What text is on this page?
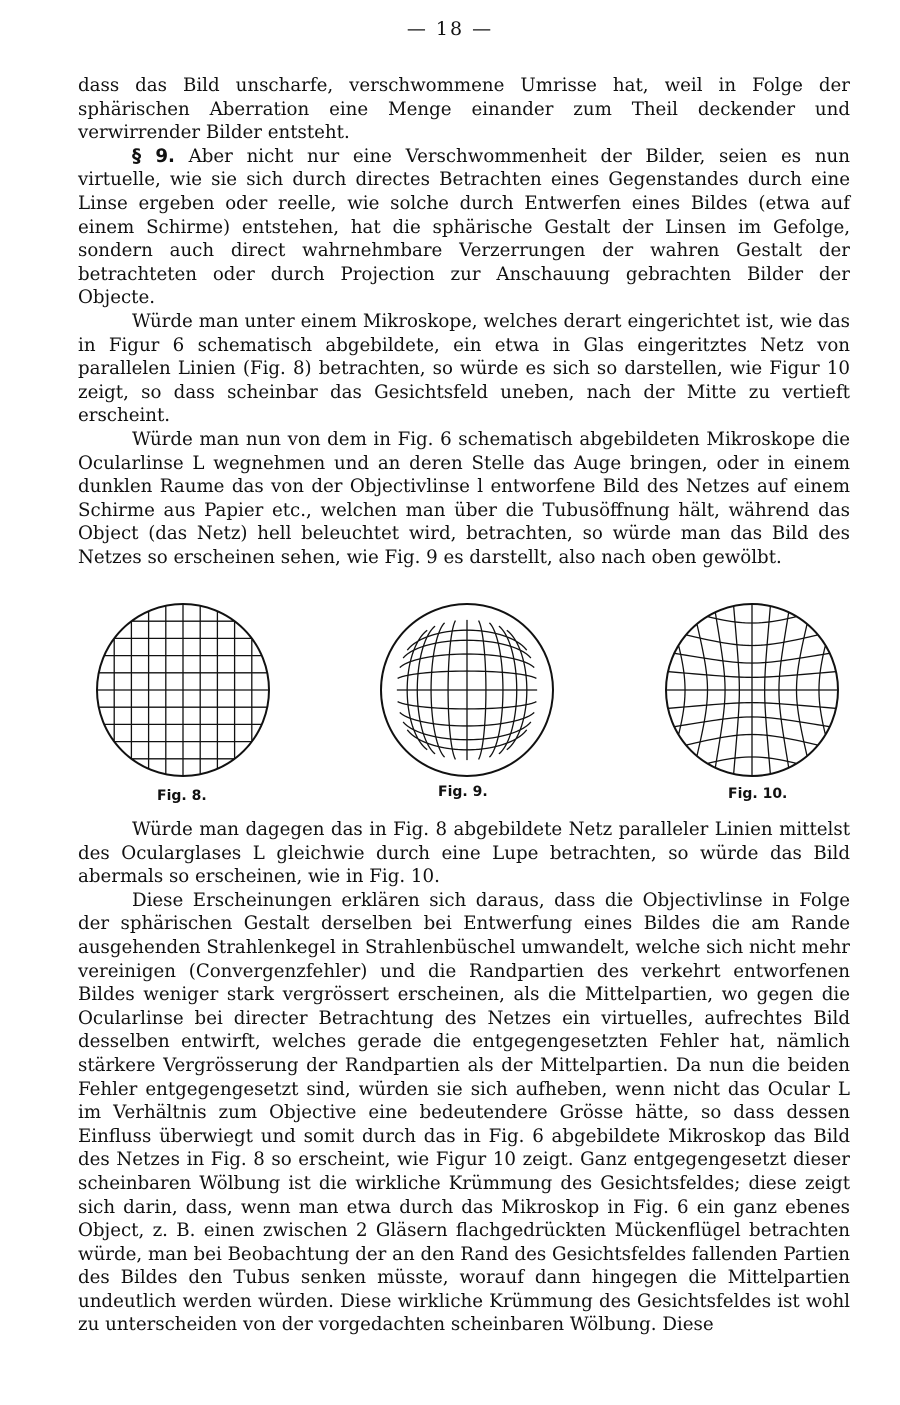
— 18 —

dass das Bild unscharfe, verschwommene Umrisse hat, weil in Folge der sphärischen Aberration eine Menge einander zum Theil deckender und verwirrender Bilder entsteht.

§ 9. Aber nicht nur eine Verschwommenheit der Bilder, seien es nun virtuelle, wie sie sich durch directes Betrachten eines Gegenstandes durch eine Linse ergeben oder reelle, wie solche durch Entwerfen eines Bildes (etwa auf einem Schirme) entstehen, hat die sphärische Gestalt der Linsen im Gefolge, sondern auch direct wahrnehmbare Verzerrungen der wahren Gestalt der betrachteten oder durch Projection zur Anschauung gebrachten Bilder der Objecte.

Würde man unter einem Mikroskope, welches derart eingerichtet ist, wie das in Figur 6 schematisch abgebildete, ein etwa in Glas eingeritztes Netz von parallelen Linien (Fig. 8) betrachten, so würde es sich so darstellen, wie Figur 10 zeigt, so dass scheinbar das Gesichtsfeld uneben, nach der Mitte zu vertieft erscheint.

Würde man nun von dem in Fig. 6 schematisch abgebildeten Mikroskope die Ocularlinse L wegnehmen und an deren Stelle das Auge bringen, oder in einem dunklen Raume das von der Objectivlinse l entworfene Bild des Netzes auf einem Schirme aus Papier etc., welchen man über die Tubusöffnung hält, während das Object (das Netz) hell beleuchtet wird, betrachten, so würde man das Bild des Netzes so erscheinen sehen, wie Fig. 9 es darstellt, also nach oben gewölbt.

Fig. 8.	Fig. 9.	Fig. 10.

Würde man dagegen das in Fig. 8 abgebildete Netz paralleler Linien mittelst des Ocularglases L gleichwie durch eine Lupe betrachten, so würde das Bild abermals so erscheinen, wie in Fig. 10.

Diese Erscheinungen erklären sich daraus, dass die Objectivlinse in Folge der sphärischen Gestalt derselben bei Entwerfung eines Bildes die am Rande ausgehenden Strahlenkegel in Strahlenbüschel umwandelt, welche sich nicht mehr vereinigen (Convergenzfehler) und die Randpartien des verkehrt entworfenen Bildes weniger stark vergrössert erscheinen, als die Mittelpartien, wo gegen die Ocularlinse bei directer Betrachtung des Netzes ein virtuelles, aufrechtes Bild desselben entwirft, welches gerade die entgegengesetzten Fehler hat, nämlich stärkere Vergrösserung der Randpartien als der Mittelpartien. Da nun die beiden Fehler entgegengesetzt sind, würden sie sich aufheben, wenn nicht das Ocular L im Verhältnis zum Objective eine bedeutendere Grösse hätte, so dass dessen Einfluss überwiegt und somit durch das in Fig. 6 abgebildete Mikroskop das Bild des Netzes in Fig. 8 so erscheint, wie Figur 10 zeigt. Ganz entgegengesetzt dieser scheinbaren Wölbung ist die wirkliche Krümmung des Gesichtsfeldes; diese zeigt sich darin, dass, wenn man etwa durch das Mikroskop in Fig. 6 ein ganz ebenes Object, z. B. einen zwischen 2 Gläsern flachgedrückten Mückenflügel betrachten würde, man bei Beobachtung der an den Rand des Gesichtsfeldes fallenden Partien des Bildes den Tubus senken müsste, worauf dann hingegen die Mittelpartien undeutlich werden würden. Diese wirkliche Krümmung des Gesichtsfeldes ist wohl zu unterscheiden von der vorgedachten scheinbaren Wölbung. Diese
